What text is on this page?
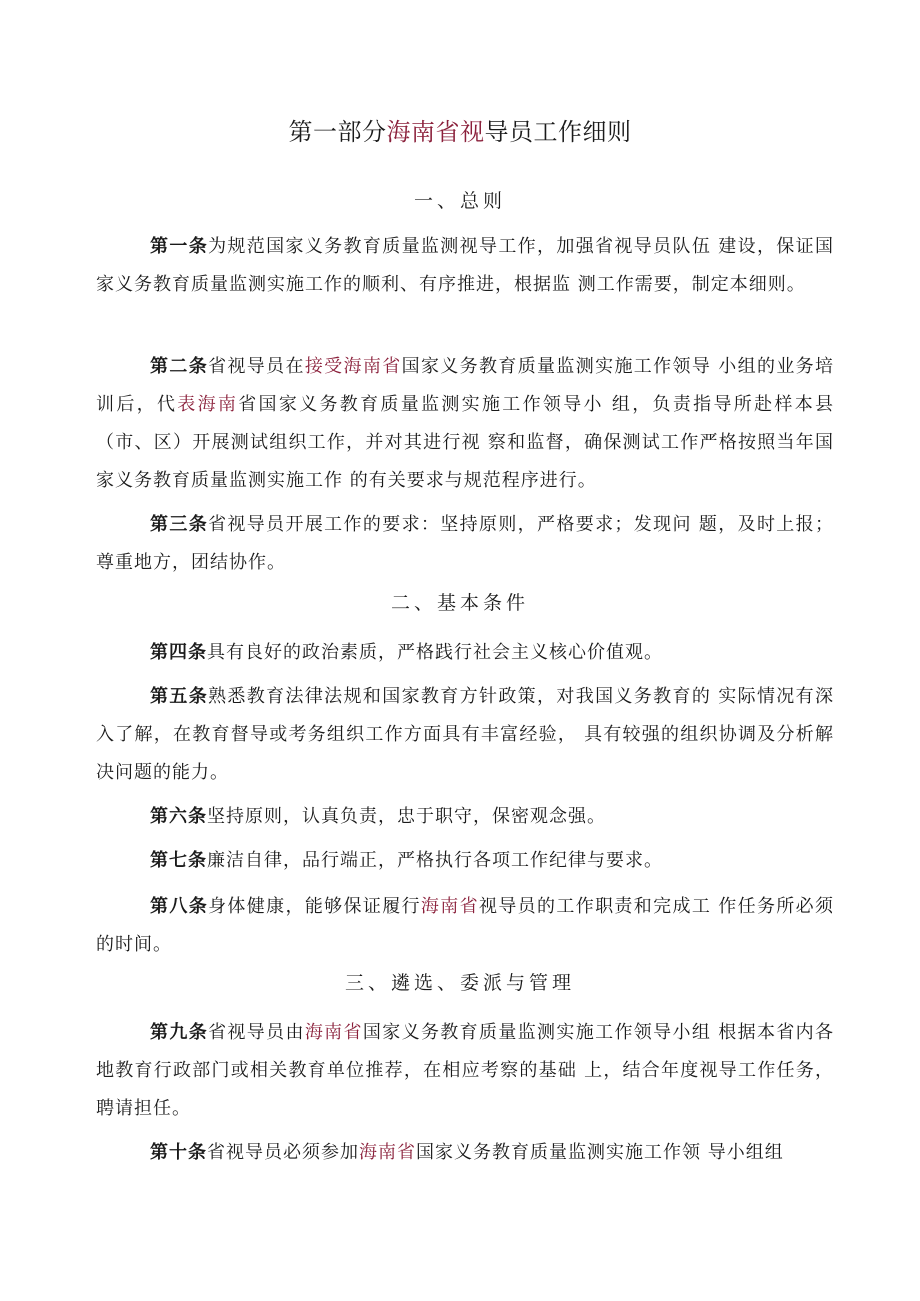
第一部分海南省视导员工作细则
一、总则
第一条为规范国家义务教育质量监测视导工作，加强省视导员队伍 建设，保证国家义务教育质量监测实施工作的顺利、有序推进，根据监 测工作需要，制定本细则。
第二条省视导员在接受海南省国家义务教育质量监测实施工作领导 小组的业务培训后，代表海南省国家义务教育质量监测实施工作领导小 组，负责指导所赴样本县（市、区）开展测试组织工作，并对其进行视 察和监督，确保测试工作严格按照当年国家义务教育质量监测实施工作 的有关要求与规范程序进行。
第三条省视导员开展工作的要求：坚持原则，严格要求；发现问 题，及时上报；尊重地方，团结协作。
二、基本条件
第四条具有良好的政治素质，严格践行社会主义核心价值观。
第五条熟悉教育法律法规和国家教育方针政策，对我国义务教育的 实际情况有深入了解，在教育督导或考务组织工作方面具有丰富经验， 具有较强的组织协调及分析解决问题的能力。
第六条坚持原则，认真负责，忠于职守，保密观念强。
第七条廉洁自律，品行端正，严格执行各项工作纪律与要求。
第八条身体健康，能够保证履行海南省视导员的工作职责和完成工 作任务所必须的时间。
三、遴选、委派与管理
第九条省视导员由海南省国家义务教育质量监测实施工作领导小组 根据本省内各地教育行政部门或相关教育单位推荐，在相应考察的基础 上，结合年度视导工作任务，聘请担任。
第十条省视导员必须参加海南省国家义务教育质量监测实施工作领 导小组组
